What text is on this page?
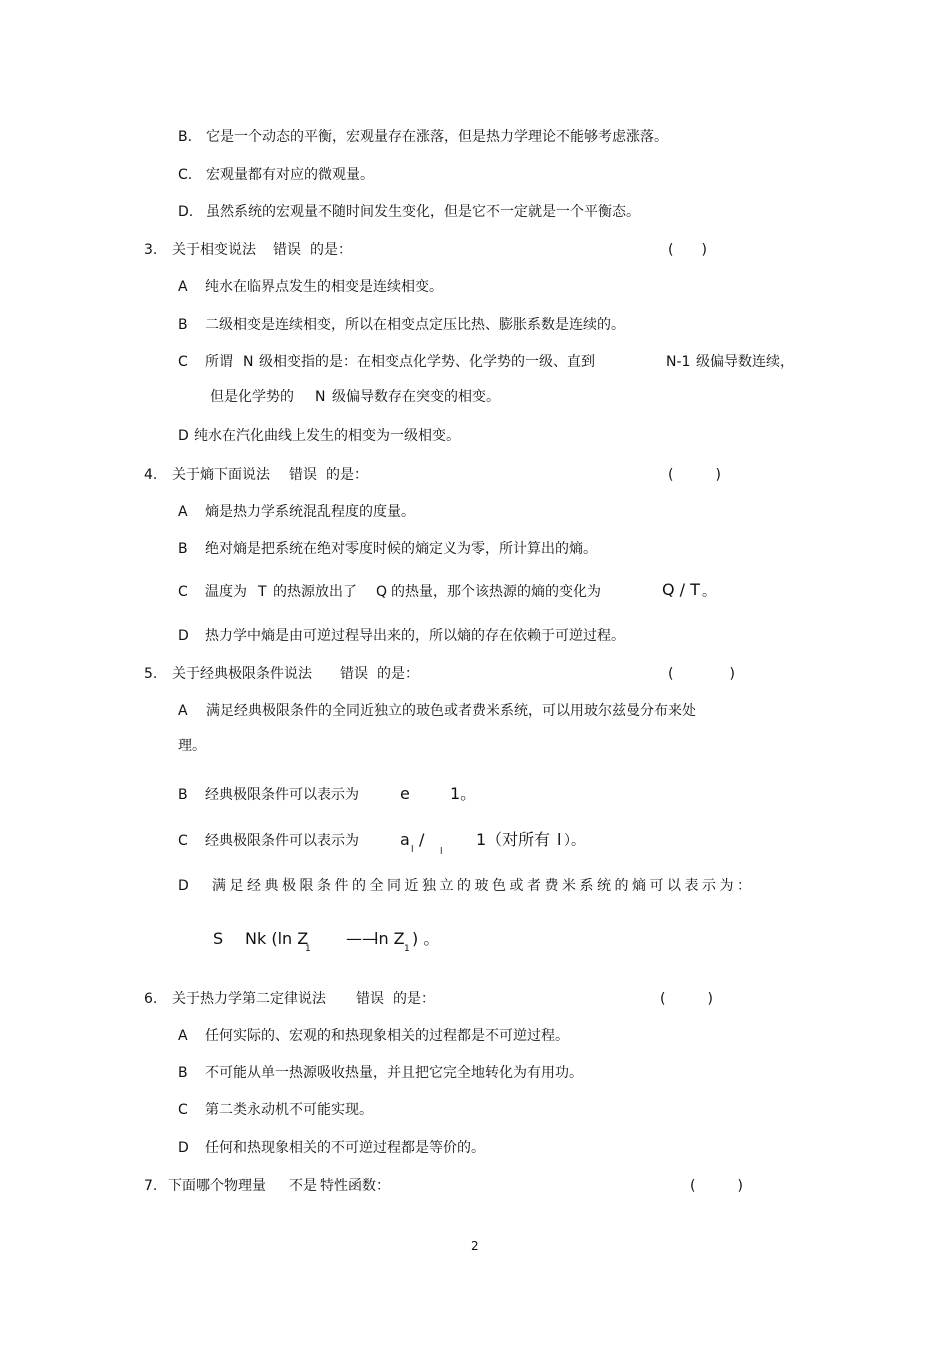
B. 它是一个动态的平衡，宏观量存在涨落，但是热力学理论不能够考虑涨落。
C. 宏观量都有对应的微观量。
D. 虽然系统的宏观量不随时间发生变化，但是它不一定就是一个平衡态。
3. 关于相变说法 错误 的是：	(　　)
A 纯水在临界点发生的相变是连续相变。
B 二级相变是连续相变，所以在相变点定压比热、膨胀系数是连续的。
C 所谓 N 级相变指的是：在相变点化学势、化学势的一级、直到	N-1 级偏导数连续，
但是化学势的 N 级偏导数存在突变的相变。
D 纯水在汽化曲线上发生的相变为一级相变。
4. 关于熵下面说法 错误 的是：	(　　　)
A 熵是热力学系统混乱程度的度量。
B 绝对熵是把系统在绝对零度时候的熵定义为零，所计算出的熵。
C 温度为 T 的热源放出了 Q 的热量，那个该热源的熵的变化为	Q / T 。
D 热力学中熵是由可逆过程导出来的，所以熵的存在依赖于可逆过程。
5. 关于经典极限条件说法 错误 的是：	(　　　　)
A 满足经典极限条件的全同近独立的玻色或者费米系统，可以用玻尔兹曼分布来处
理。
B 经典极限条件可以表示为	e	1。
C 经典极限条件可以表示为	a
l
/
l
1（对所有 l ）。
D 满足经典极限条件的全同近独立的玻色或者费米系统的熵可以表示为：
S Nk (ln Z
1
——
ln Z
1
) 。
6. 关于热力学第二定律说法 错误 的是：	(　　　)
A 任何实际的、宏观的和热现象相关的过程都是不可逆过程。
B 不可能从单一热源吸收热量，并且把它完全地转化为有用功。
C 第二类永动机不可能实现。
D 任何和热现象相关的不可逆过程都是等价的。
7. 下面哪个物理量 不是 特性函数：	(　　　)
2
